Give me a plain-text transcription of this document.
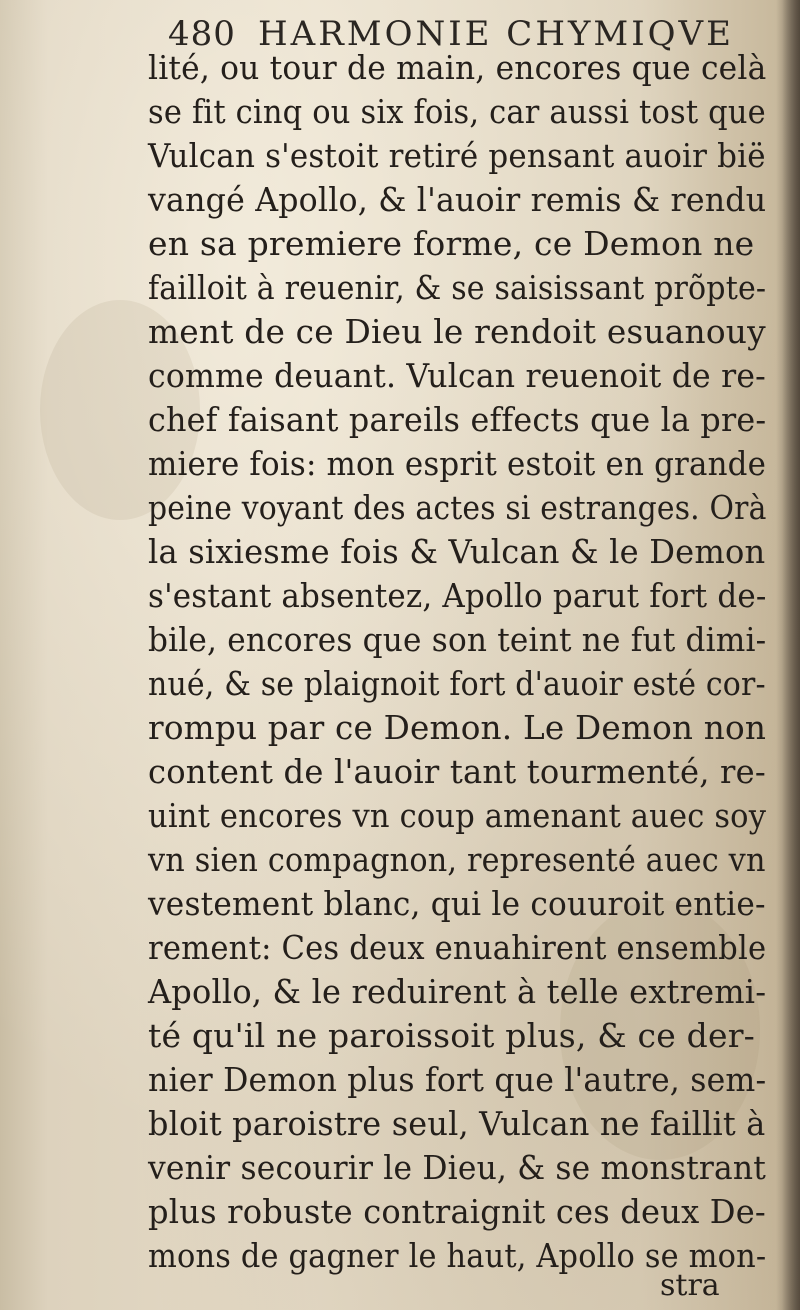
480 HARMONIE CHYMIQVE
lité, ou tour de main, encores que celà
se fit cinq ou six fois, car aussi tost que
Vulcan s'estoit retiré pensant auoir bië
vangé Apollo, & l'auoir remis & rendu
en sa premiere forme, ce Demon ne
failloit à reuenir, & se saisissant prõpte-
ment de ce Dieu le rendoit esuanouy
comme deuant. Vulcan reuenoit de re-
chef faisant pareils effects que la pre-
miere fois: mon esprit estoit en grande
peine voyant des actes si estranges. Orà
la sixiesme fois & Vulcan & le Demon
s'estant absentez, Apollo parut fort de-
bile, encores que son teint ne fut dimi-
nué, & se plaignoit fort d'auoir esté cor-
rompu par ce Demon. Le Demon non
content de l'auoir tant tourmenté, re-
uint encores vn coup amenant auec soy
vn sien compagnon, representé auec vn
vestement blanc, qui le couuroit entie-
rement: Ces deux enuahirent ensemble
Apollo, & le reduirent à telle extremi-
té qu'il ne paroissoit plus, & ce der-
nier Demon plus fort que l'autre, sem-
bloit paroistre seul, Vulcan ne faillit à
venir secourir le Dieu, & se monstrant
plus robuste contraignit ces deux De-
mons de gagner le haut, Apollo se mon-
stra
